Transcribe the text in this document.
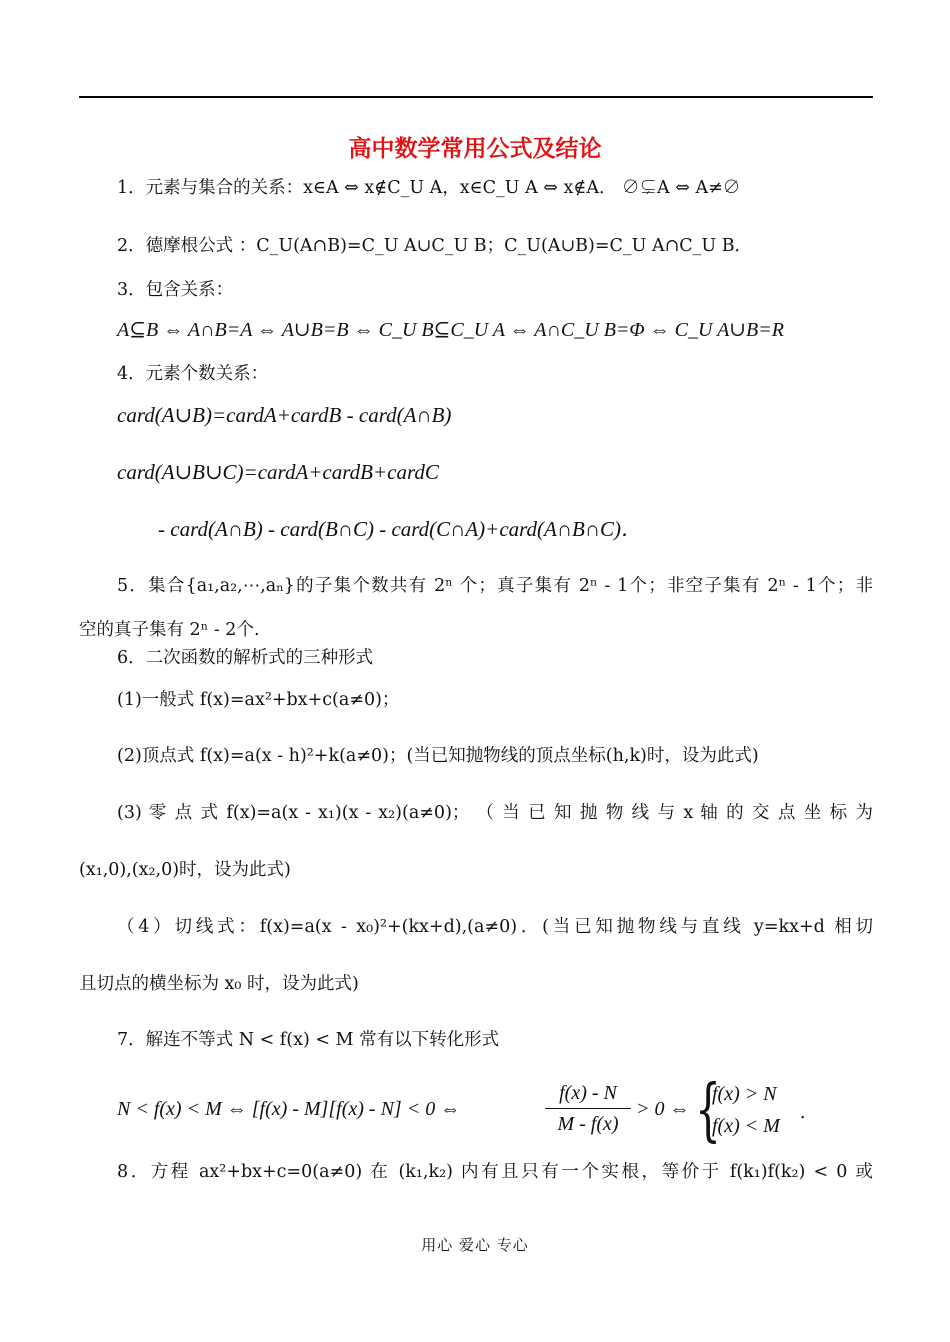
高中数学常用公式及结论
1．元素与集合的关系：x∈A ⇔ x∉C_U A，x∈C_U A ⇔ x∉A． ∅⊊A ⇔ A≠∅
2．德摩根公式 ：C_U(A∩B)=C_U A∪C_U B；C_U(A∪B)=C_U A∩C_U B．
3．包含关系：
A⊆B ⇔ A∩B=A ⇔ A∪B=B ⇔ C_U B⊆C_U A ⇔ A∩C_U B=Φ ⇔ C_U A∪B=R
4．元素个数关系：
card(A∪B)=cardA+cardB - card(A∩B)
card(A∪B∪C)=cardA+cardB+cardC
- card(A∩B) - card(B∩C) - card(C∩A)+card(A∩B∩C)．
5．集合{a₁,a₂,⋯,aₙ}的子集个数共有 2ⁿ 个；真子集有 2ⁿ - 1个；非空子集有 2ⁿ - 1个；非
空的真子集有 2ⁿ - 2个.
6．二次函数的解析式的三种形式
(1)一般式 f(x)=ax²+bx+c(a≠0)；
(2)顶点式 f(x)=a(x - h)²+k(a≠0)；(当已知抛物线的顶点坐标(h,k)时，设为此式)
(3) 零 点 式 f(x)=a(x - x₁)(x - x₂)(a≠0)； （ 当 已 知 抛 物 线 与 x 轴 的 交 点 坐 标 为
(x₁,0),(x₂,0)时，设为此式)
（4）切线式：f(x)=a(x - x₀)²+(kx+d),(a≠0)．(当已知抛物线与直线 y=kx+d 相切
且切点的横坐标为 x₀ 时，设为此式)
7．解连不等式 N < f(x) < M 常有以下转化形式
N < f(x) < M ⇔ [f(x) - M][f(x) - N] < 0 ⇔
f(x) - N
M - f(x)
> 0 ⇔ {
f(x) > N
f(x) < M
．
8．方程 ax²+bx+c=0(a≠0) 在 (k₁,k₂) 内有且只有一个实根，等价于 f(k₁)f(k₂) < 0 或
用心 爱心 专心
